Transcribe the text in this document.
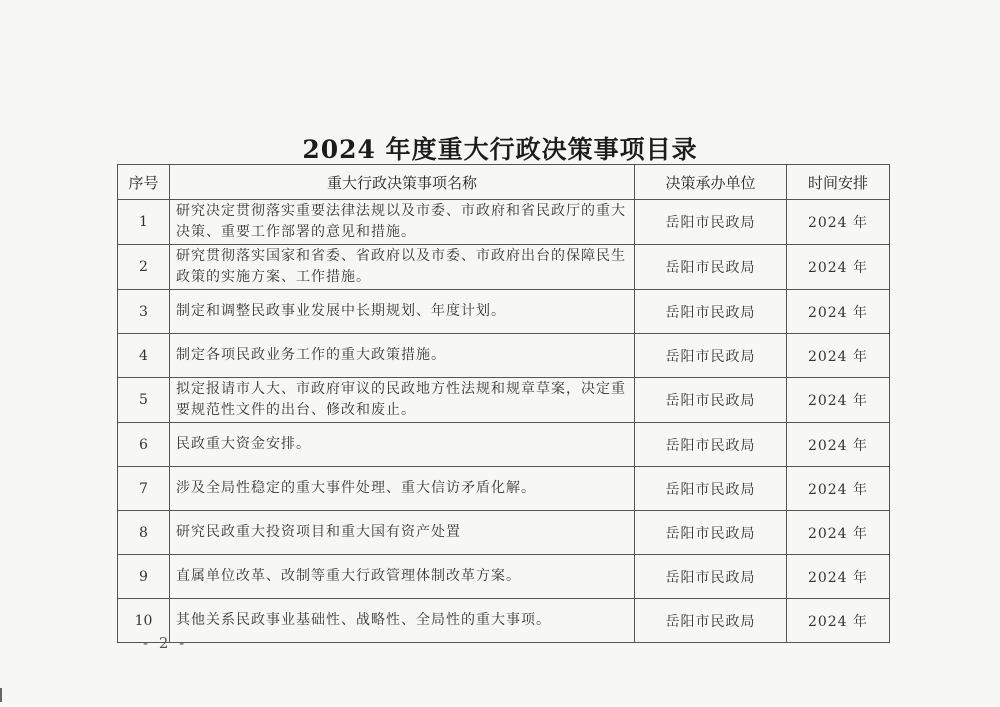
2024 年度重大行政决策事项目录
序号	重大行政决策事项名称	决策承办单位	时间安排
1	研究决定贯彻落实重要法律法规以及市委、市政府和省民政厅的重大决策、重要工作部署的意见和措施。	岳阳市民政局	2024 年
2	研究贯彻落实国家和省委、省政府以及市委、市政府出台的保障民生政策的实施方案、工作措施。	岳阳市民政局	2024 年
3	制定和调整民政事业发展中长期规划、年度计划。	岳阳市民政局	2024 年
4	制定各项民政业务工作的重大政策措施。	岳阳市民政局	2024 年
5	拟定报请市人大、市政府审议的民政地方性法规和规章草案，决定重要规范性文件的出台、修改和废止。	岳阳市民政局	2024 年
6	民政重大资金安排。	岳阳市民政局	2024 年
7	涉及全局性稳定的重大事件处理、重大信访矛盾化解。	岳阳市民政局	2024 年
8	研究民政重大投资项目和重大国有资产处置	岳阳市民政局	2024 年
9	直属单位改革、改制等重大行政管理体制改革方案。	岳阳市民政局	2024 年
10	其他关系民政事业基础性、战略性、全局性的重大事项。	岳阳市民政局	2024 年
- 2 -
